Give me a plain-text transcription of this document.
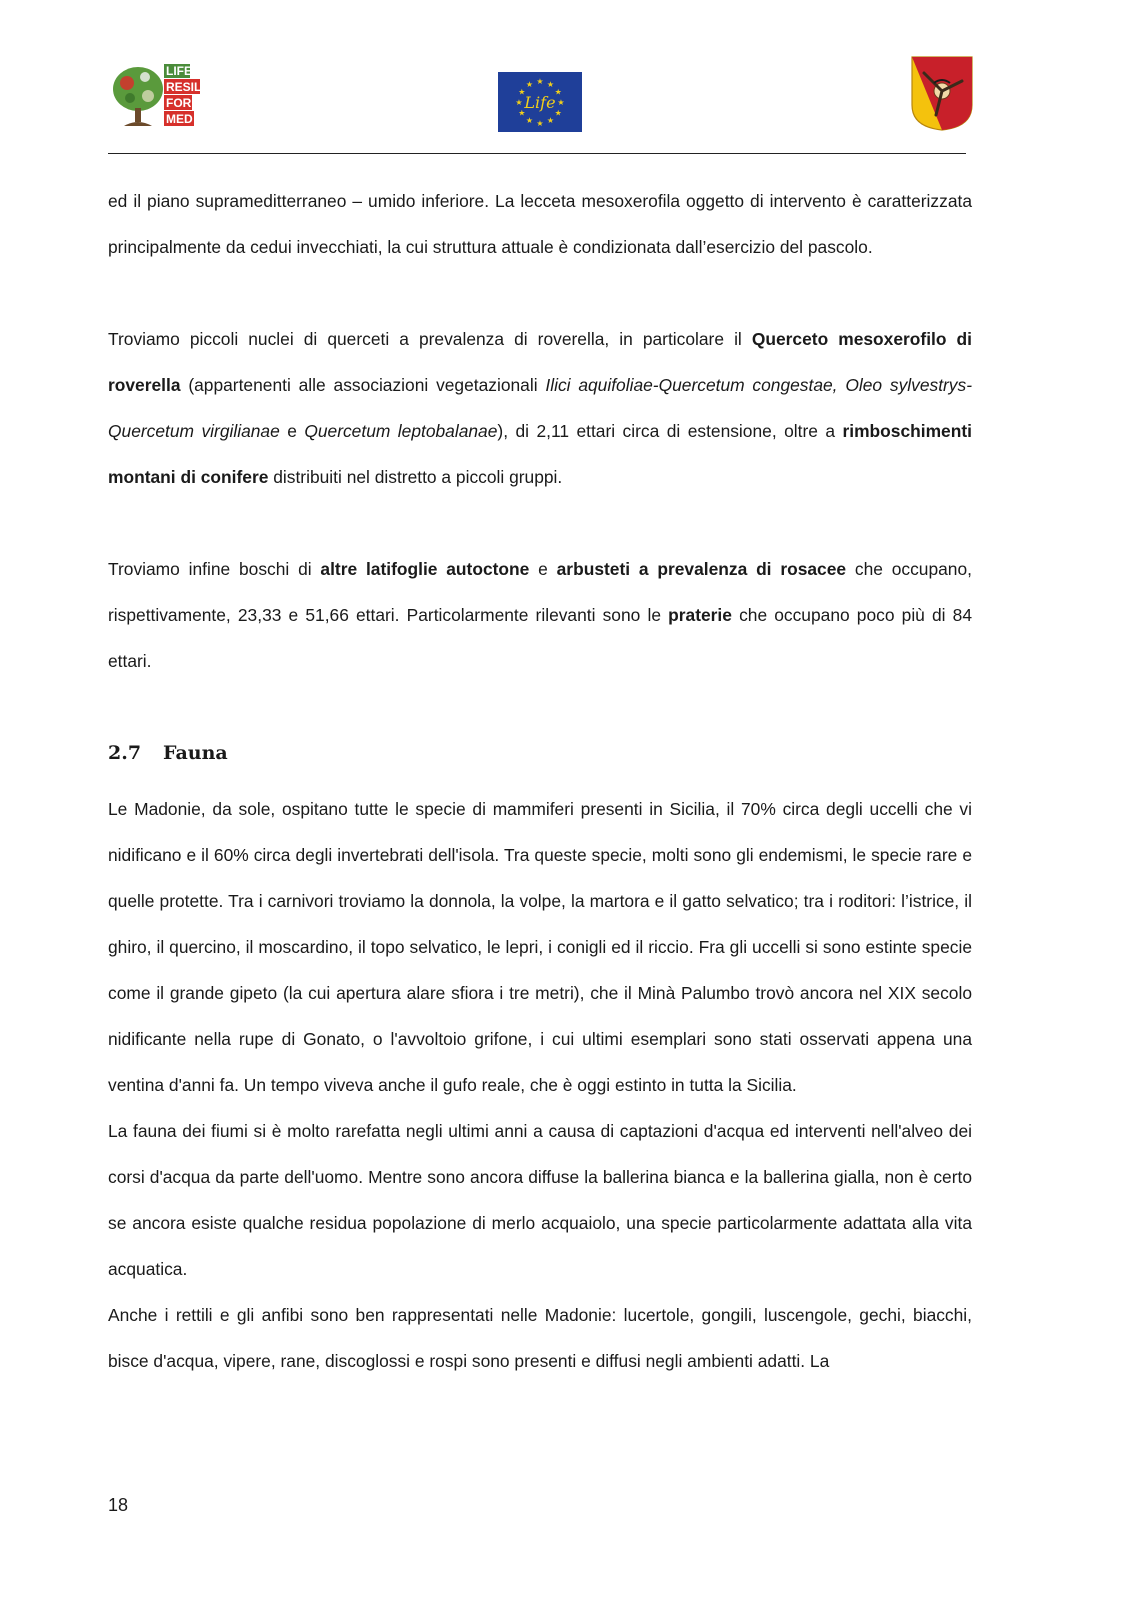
LIFE
RESIL
FOR
MED
★ ★
★
★
★
★
★
★
★
★
★
★
Life

ed il piano suprameditterraneo – umido inferiore. La lecceta mesoxerofila oggetto di intervento è caratterizzata principalmente da cedui invecchiati, la cui struttura attuale è condizionata dall’esercizio del pascolo.

Troviamo piccoli nuclei di querceti a prevalenza di roverella, in particolare il Querceto mesoxerofilo di roverella (appartenenti alle associazioni vegetazionali Ilici aquifoliae-Quercetum congestae, Oleo sylvestrys-Quercetum virgilianae e Quercetum leptobalanae), di 2,11 ettari circa di estensione, oltre a rimboschimenti montani di conifere distribuiti nel distretto a piccoli gruppi.

Troviamo infine boschi di altre latifoglie autoctone e arbusteti a prevalenza di rosacee che occupano, rispettivamente, 23,33 e 51,66 ettari. Particolarmente rilevanti sono le praterie che occupano poco più di 84 ettari.

2.7 Fauna

Le Madonie, da sole, ospitano tutte le specie di mammiferi presenti in Sicilia, il 70% circa degli uccelli che vi nidificano e il 60% circa degli invertebrati dell'isola. Tra queste specie, molti sono gli endemismi, le specie rare e quelle protette. Tra i carnivori troviamo la donnola, la volpe, la martora e il gatto selvatico; tra i roditori: l’istrice, il ghiro, il quercino, il moscardino, il topo selvatico, le lepri, i conigli ed il riccio. Fra gli uccelli si sono estinte specie come il grande gipeto (la cui apertura alare sfiora i tre metri), che il Minà Palumbo trovò ancora nel XIX secolo nidificante nella rupe di Gonato, o l'avvoltoio grifone, i cui ultimi esemplari sono stati osservati appena una ventina d'anni fa. Un tempo viveva anche il gufo reale, che è oggi estinto in tutta la Sicilia.

La fauna dei fiumi si è molto rarefatta negli ultimi anni a causa di captazioni d'acqua ed interventi nell'alveo dei corsi d'acqua da parte dell'uomo. Mentre sono ancora diffuse la ballerina bianca e la ballerina gialla, non è certo se ancora esiste qualche residua popolazione di merlo acquaiolo, una specie particolarmente adattata alla vita acquatica.

Anche i rettili e gli anfibi sono ben rappresentati nelle Madonie: lucertole, gongili, luscengole, gechi, biacchi, bisce d'acqua, vipere, rane, discoglossi e rospi sono presenti e diffusi negli ambienti adatti. La

18
